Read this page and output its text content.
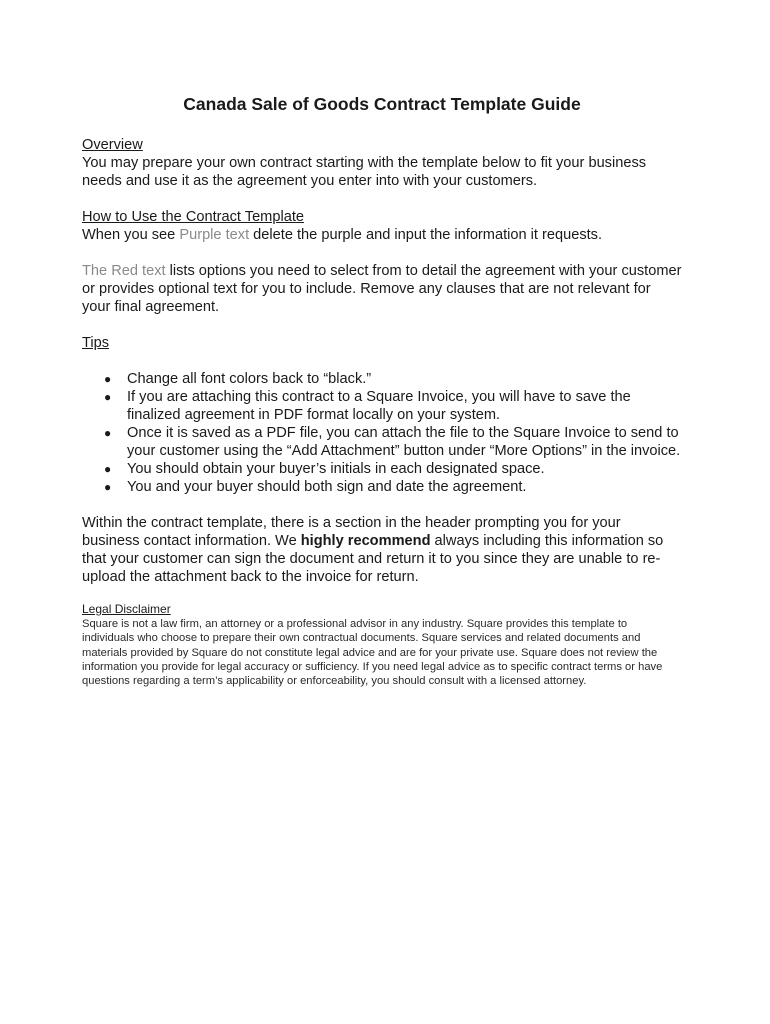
Canada Sale of Goods Contract Template Guide

Overview

You may prepare your own contract starting with the template below to fit your business needs and use it as the agreement you enter into with your customers.

How to Use the Contract Template

When you see Purple text delete the purple and input the information it requests.

The Red text lists options you need to select from to detail the agreement with your customer or provides optional text for you to include. Remove any clauses that are not relevant for your final agreement.

Tips

● Change all font colors back to “black.”
● If you are attaching this contract to a Square Invoice, you will have to save the finalized agreement in PDF format locally on your system.
● Once it is saved as a PDF file, you can attach the file to the Square Invoice to send to your customer using the “Add Attachment” button under “More Options” in the invoice.
● You should obtain your buyer’s initials in each designated space.
● You and your buyer should both sign and date the agreement.

Within the contract template, there is a section in the header prompting you for your business contact information. We highly recommend always including this information so that your customer can sign the document and return it to you since they are unable to re-upload the attachment back to the invoice for return.

Legal Disclaimer

Square is not a law firm, an attorney or a professional advisor in any industry. Square provides this template to individuals who choose to prepare their own contractual documents. Square services and related documents and materials provided by Square do not constitute legal advice and are for your private use. Square does not review the information you provide for legal accuracy or sufficiency. If you need legal advice as to specific contract terms or have questions regarding a term’s applicability or enforceability, you should consult with a licensed attorney.
